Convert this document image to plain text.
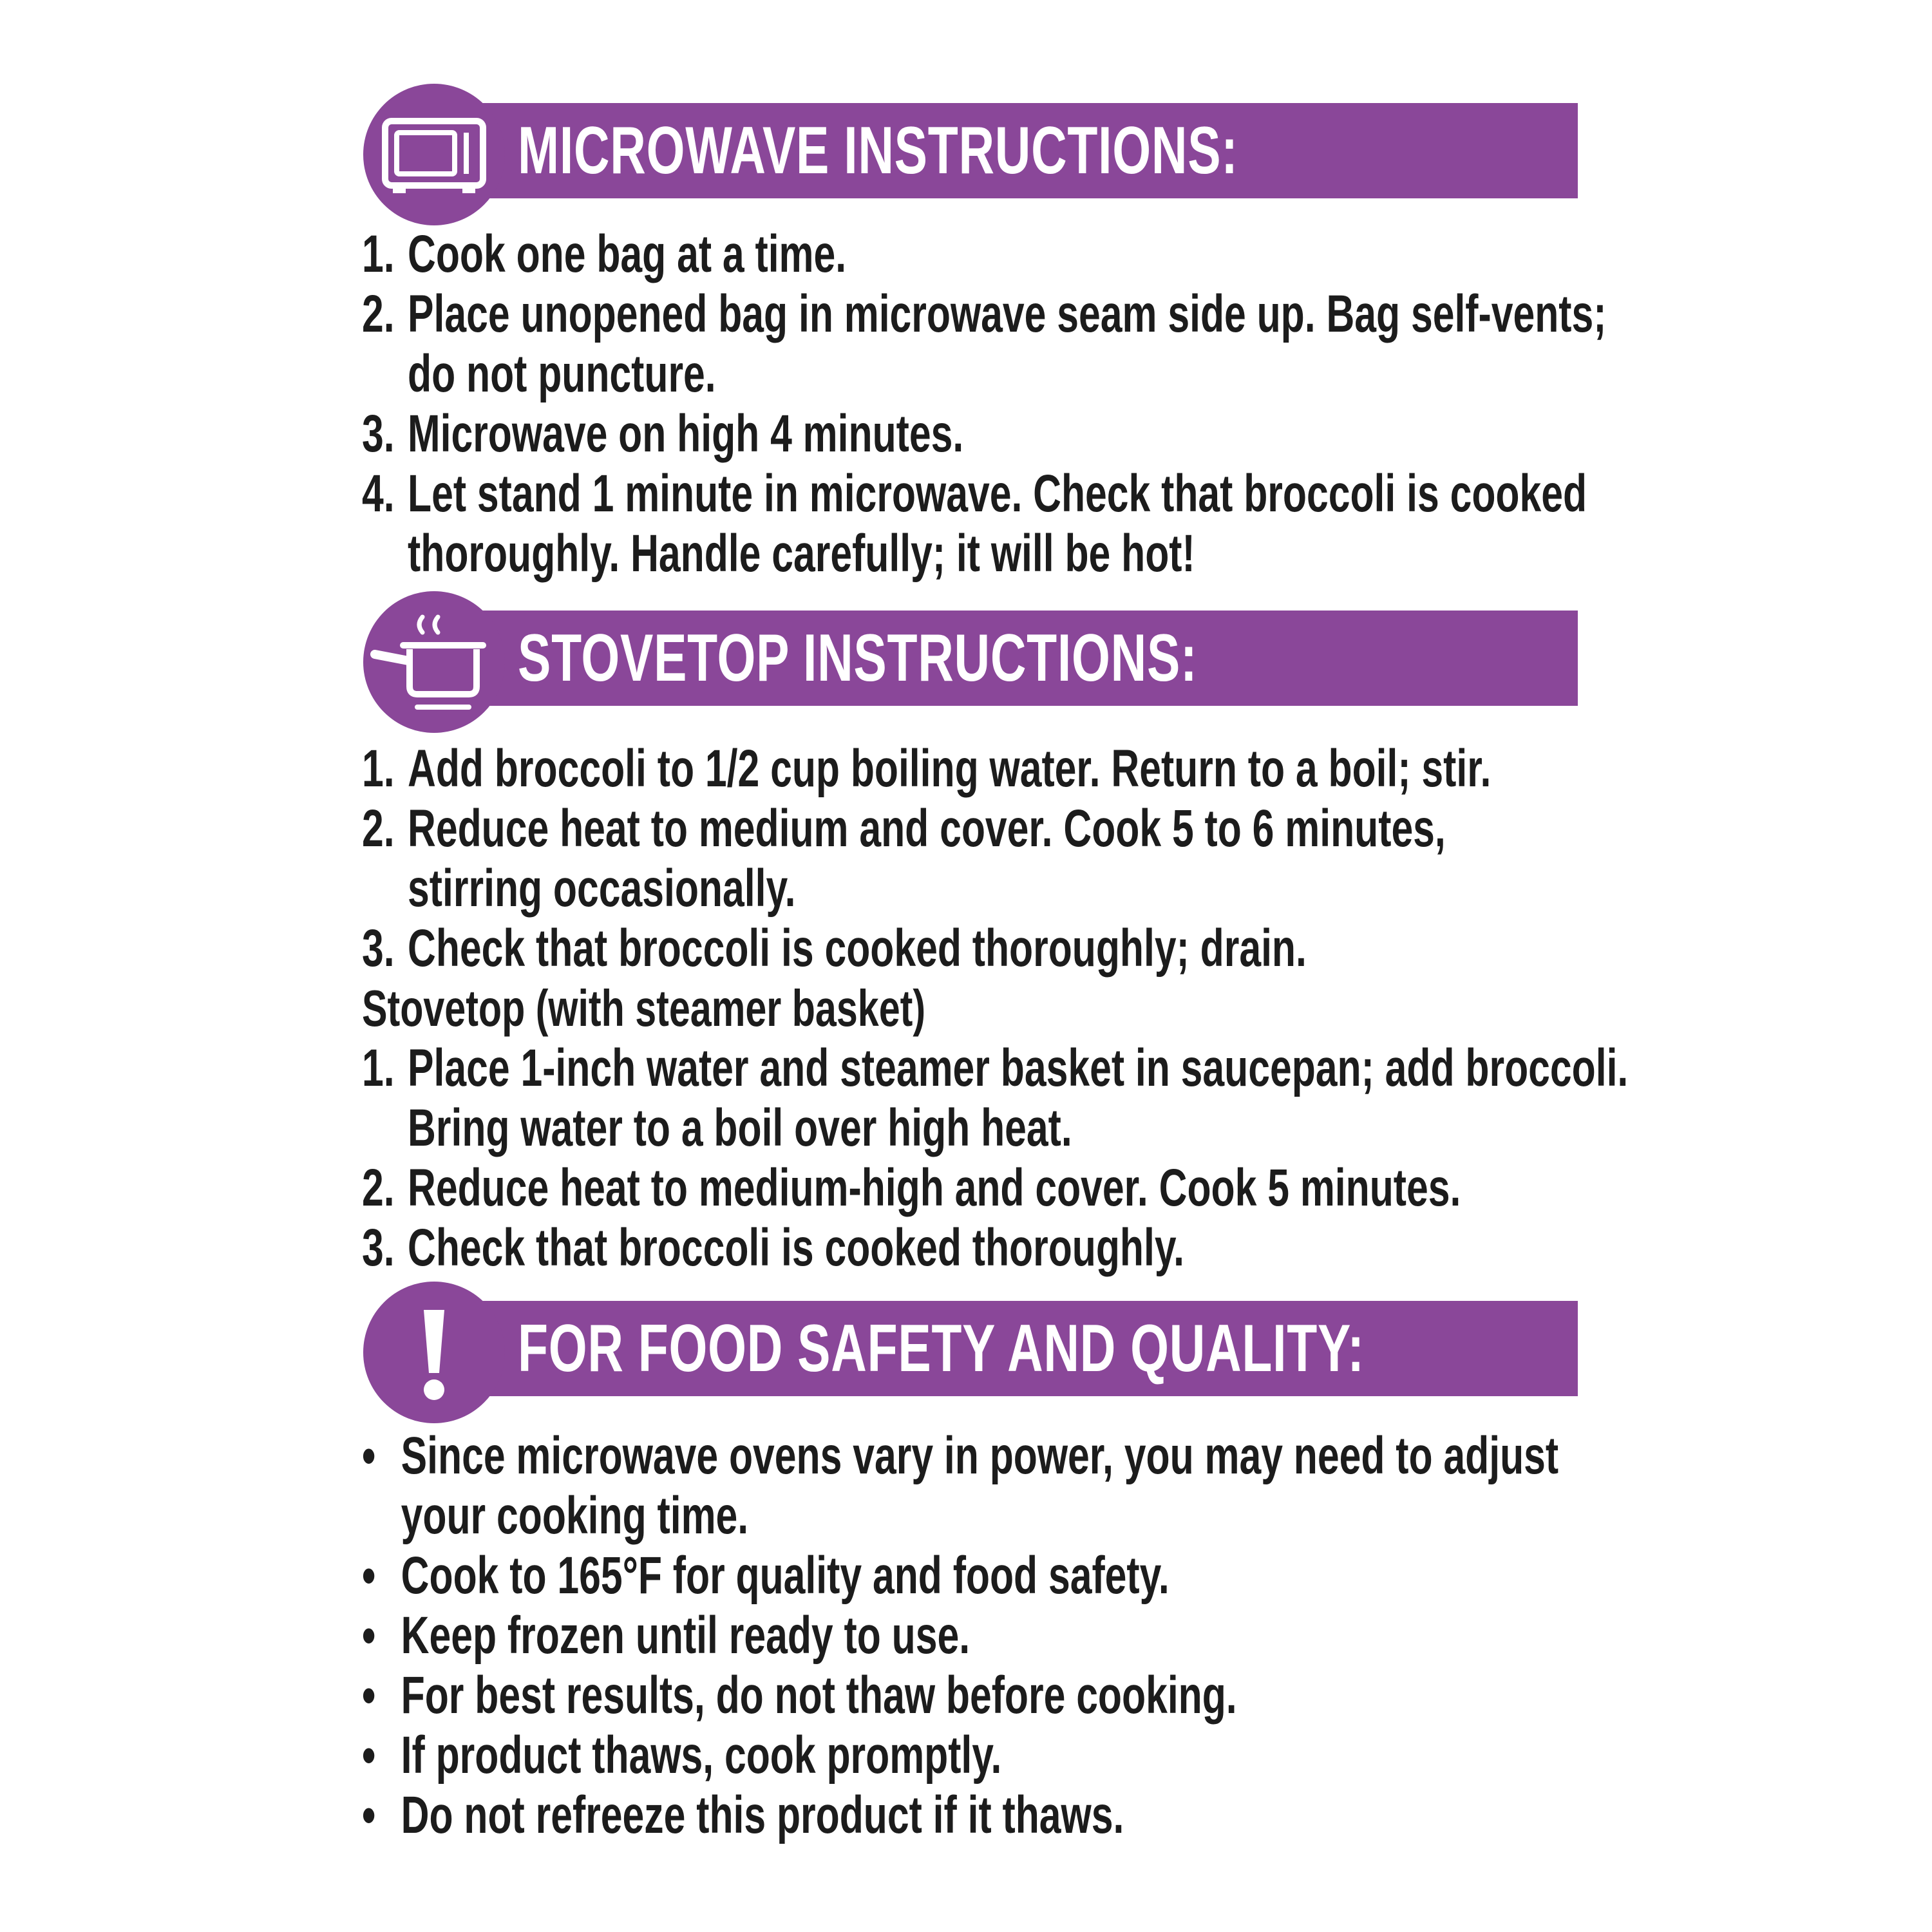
MICROWAVE INSTRUCTIONS:
1. Cook one bag at a time.
2. Place unopened bag in microwave seam side up. Bag self-vents;
do not puncture.
3. Microwave on high 4 minutes.
4. Let stand 1 minute in microwave. Check that broccoli is cooked
thoroughly. Handle carefully; it will be hot!
STOVETOP INSTRUCTIONS:
1. Add broccoli to 1/2 cup boiling water. Return to a boil; stir.
2. Reduce heat to medium and cover. Cook 5 to 6 minutes,
stirring occasionally.
3. Check that broccoli is cooked thoroughly; drain.
Stovetop (with steamer basket)
1. Place 1-inch water and steamer basket in saucepan; add broccoli.
Bring water to a boil over high heat.
2. Reduce heat to medium-high and cover. Cook 5 minutes.
3. Check that broccoli is cooked thoroughly.
FOR FOOD SAFETY AND QUALITY:
• Since microwave ovens vary in power, you may need to adjust
your cooking time.
• Cook to 165°F for quality and food safety.
• Keep frozen until ready to use.
• For best results, do not thaw before cooking.
• If product thaws, cook promptly.
• Do not refreeze this product if it thaws.
